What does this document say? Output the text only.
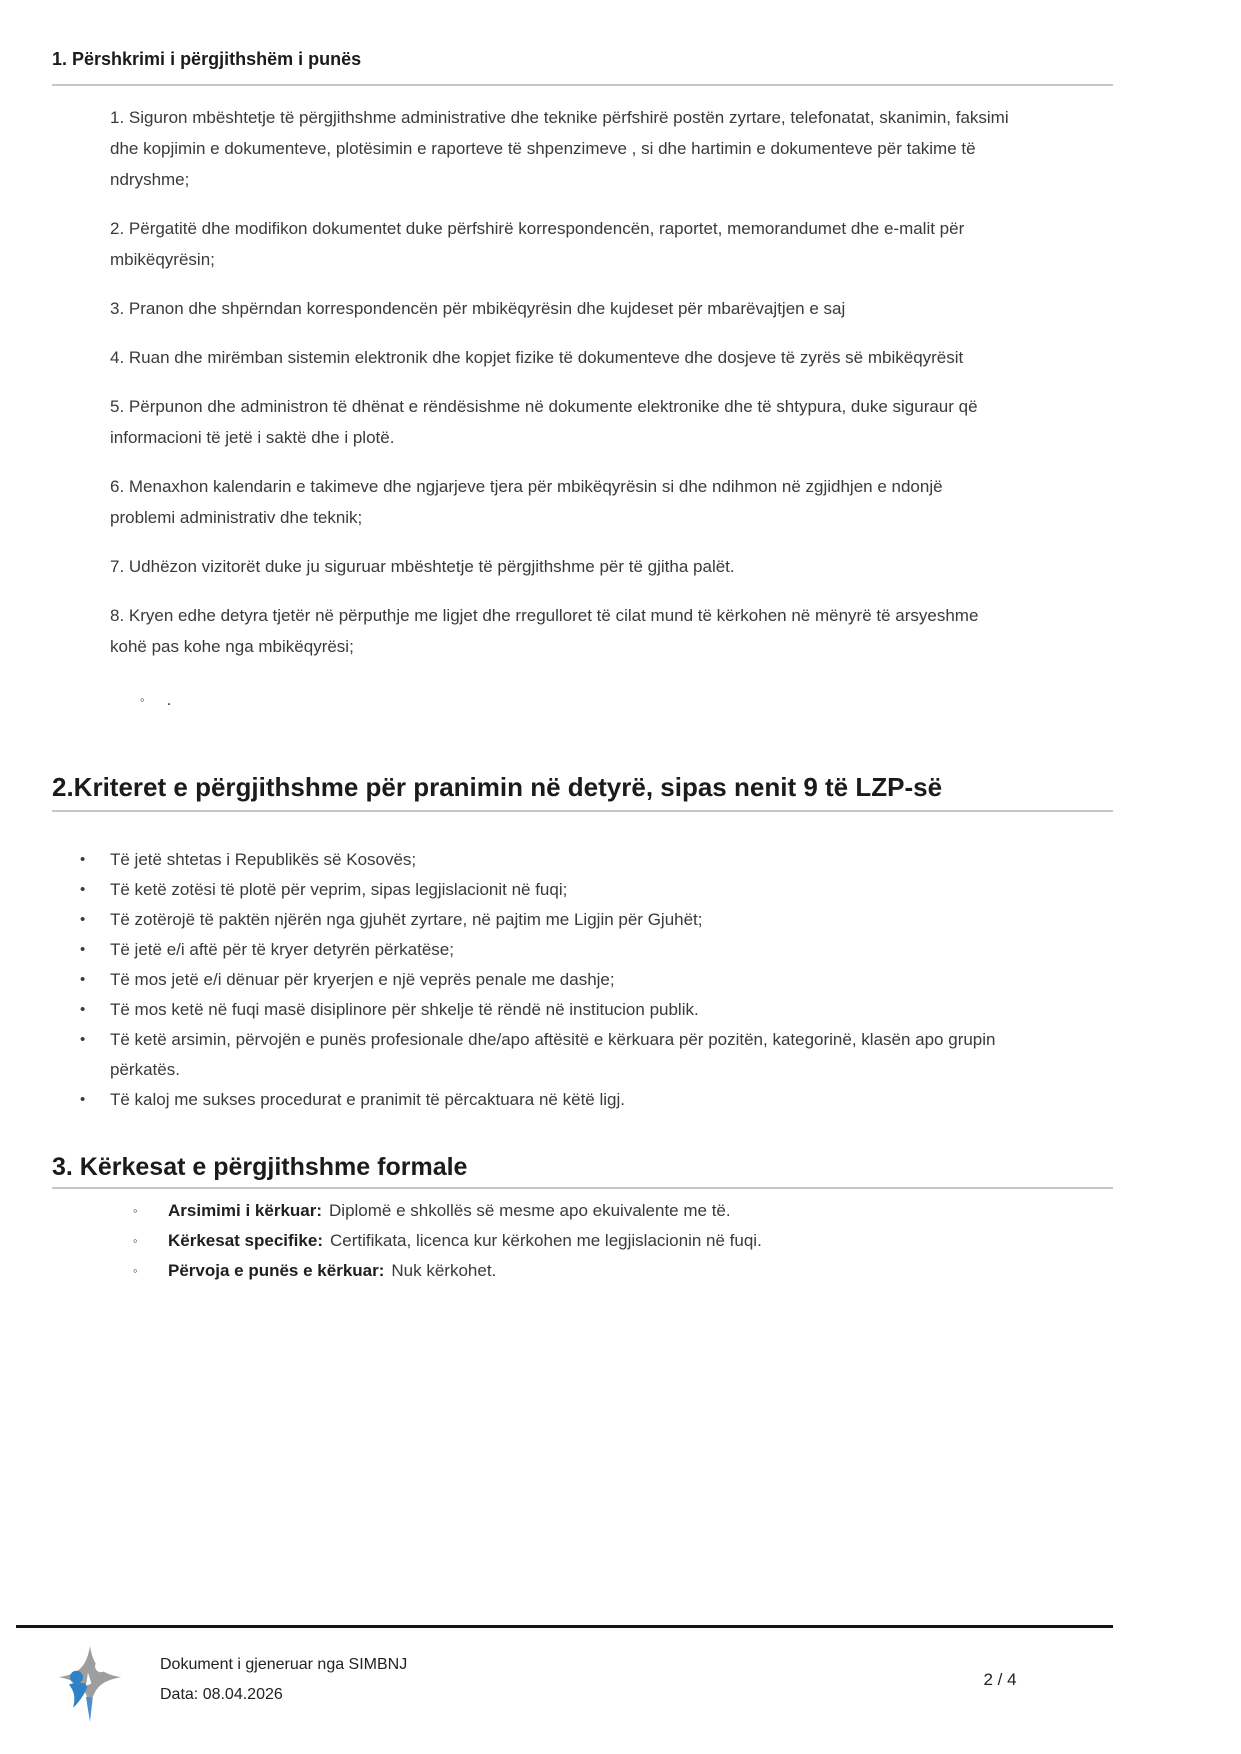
1. Përshkrimi i përgjithshëm i punës

1. Siguron mbështetje të përgjithshme administrative dhe teknike përfshirë postën zyrtare, telefonatat, skanimin, faksimi dhe kopjimin e dokumenteve, plotësimin e raporteve të shpenzimeve , si dhe hartimin e dokumenteve për takime të ndryshme;

2. Përgatitë dhe modifikon dokumentet duke përfshirë korrespondencën, raportet, memorandumet dhe e-malit për mbikëqyrësin;

3. Pranon dhe shpërndan korrespondencën për mbikëqyrësin dhe kujdeset për mbarëvajtjen e saj

4. Ruan dhe mirëmban sistemin elektronik dhe kopjet fizike të dokumenteve dhe dosjeve të zyrës së mbikëqyrësit

5. Përpunon dhe administron të dhënat e rëndësishme në dokumente elektronike dhe të shtypura, duke siguraur që informacioni të jetë i saktë dhe i plotë.

6. Menaxhon kalendarin e takimeve dhe ngjarjeve tjera për mbikëqyrësin si dhe ndihmon në zgjidhjen e ndonjë problemi administrativ dhe teknik;

7. Udhëzon vizitorët duke ju siguruar mbështetje të përgjithshme për të gjitha palët.

8. Kryen edhe detyra tjetër në përputhje me ligjet dhe rregulloret të cilat mund të kërkohen në mënyrë të arsyeshme kohë pas kohe nga mbikëqyrësi;

◦ .
2.Kriteret e përgjithshme për pranimin në detyrë, sipas nenit 9 të LZP-së
•	Të jetë shtetas i Republikës së Kosovës;
•	Të ketë zotësi të plotë për veprim, sipas legjislacionit në fuqi;
•	Të zotërojë të paktën njërën nga gjuhët zyrtare, në pajtim me Ligjin për Gjuhët;
•	Të jetë e/i aftë për të kryer detyrën përkatëse;
•	Të mos jetë e/i dënuar për kryerjen e një veprës penale me dashje;
•	Të mos ketë në fuqi masë disiplinore për shkelje të rëndë në institucion publik.
•	Të ketë arsimin, përvojën e punës profesionale dhe/apo aftësitë e kërkuara për pozitën, kategorinë, klasën apo grupin përkatës.
•	Të kaloj me sukses procedurat e pranimit të përcaktuara në këtë ligj.
3. Kërkesat e përgjithshme formale
◦	Arsimimi i kërkuar: Diplomë e shkollës së mesme apo ekuivalente me të.
◦	Kërkesat specifike: Certifikata, licenca kur kërkohen me legjislacionin në fuqi.
◦	Përvoja e punës e kërkuar: Nuk kërkohet.
Dokument i gjeneruar nga SIMBNJ
Data: 08.04.2026
2 / 4
